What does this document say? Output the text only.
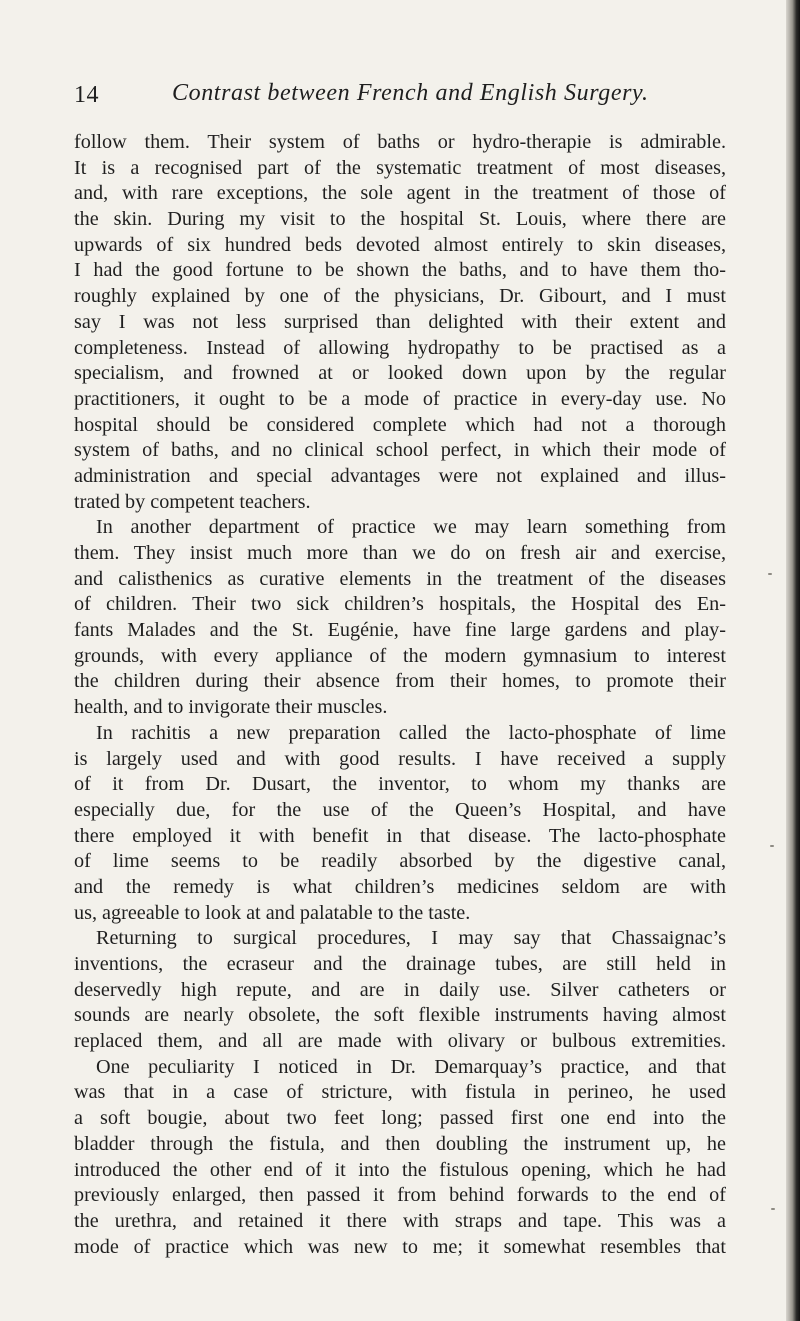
14	Contrast between French and English Surgery.
follow them. Their system of baths or hydro-therapie is admirable.
It is a recognised part of the systematic treatment of most diseases,
and, with rare exceptions, the sole agent in the treatment of those of
the skin. During my visit to the hospital St. Louis, where there are
upwards of six hundred beds devoted almost entirely to skin diseases,
I had the good fortune to be shown the baths, and to have them tho-
roughly explained by one of the physicians, Dr. Gibourt, and I must
say I was not less surprised than delighted with their extent and
completeness. Instead of allowing hydropathy to be practised as a
specialism, and frowned at or looked down upon by the regular
practitioners, it ought to be a mode of practice in every-day use. No
hospital should be considered complete which had not a thorough
system of baths, and no clinical school perfect, in which their mode of
administration and special advantages were not explained and illus-
trated by competent teachers.
In another department of practice we may learn something from
them. They insist much more than we do on fresh air and exercise,
and calisthenics as curative elements in the treatment of the diseases
of children. Their two sick children’s hospitals, the Hospital des En-
fants Malades and the St. Eugénie, have fine large gardens and play-
grounds, with every appliance of the modern gymnasium to interest
the children during their absence from their homes, to promote their
health, and to invigorate their muscles.
In rachitis a new preparation called the lacto-phosphate of lime
is largely used and with good results. I have received a supply
of it from Dr. Dusart, the inventor, to whom my thanks are
especially due, for the use of the Queen’s Hospital, and have
there employed it with benefit in that disease. The lacto-phosphate
of lime seems to be readily absorbed by the digestive canal,
and the remedy is what children’s medicines seldom are with
us, agreeable to look at and palatable to the taste.
Returning to surgical procedures, I may say that Chassaignac’s
inventions, the ecraseur and the drainage tubes, are still held in
deservedly high repute, and are in daily use. Silver catheters or
sounds are nearly obsolete, the soft flexible instruments having almost
replaced them, and all are made with olivary or bulbous extremities.
One peculiarity I noticed in Dr. Demarquay’s practice, and that
was that in a case of stricture, with fistula in perineo, he used
a soft bougie, about two feet long; passed first one end into the
bladder through the fistula, and then doubling the instrument up, he
introduced the other end of it into the fistulous opening, which he had
previously enlarged, then passed it from behind forwards to the end of
the urethra, and retained it there with straps and tape. This was a
mode of practice which was new to me; it somewhat resembles that
